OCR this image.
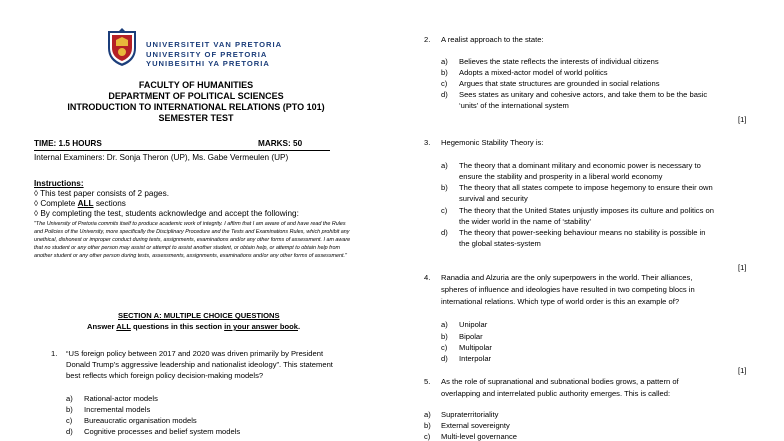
UNIVERSITEIT VAN PRETORIA
UNIVERSITY OF PRETORIA
YUNIBESITHI YA PRETORIA
FACULTY OF HUMANITIES
DEPARTMENT OF POLITICAL SCIENCES
INTRODUCTION TO INTERNATIONAL RELATIONS (PTO 101)
SEMESTER TEST
TIME: 1.5 HOURS	MARKS: 50
Internal Examiners: Dr. Sonja Theron (UP), Ms. Gabe Vermeulen (UP)
Instructions:
◊ This test paper consists of 2 pages.
◊ Complete ALL sections
◊ By completing the test, students acknowledge and accept the following:
"The University of Pretoria commits itself to produce academic work of integrity. I affirm that I am aware of and have read the Rules and Policies of the University, more specifically the Disciplinary Procedure and the Tests and Examinations Rules, which prohibit any unethical, dishonest or improper conduct during tests, assignments, examinations and/or any other forms of assessment. I am aware that no student or any other person may assist or attempt to assist another student, or obtain help, or attempt to obtain help from another student or any other person during tests, assessments, assignments, examinations and/or any other forms of assessment."
SECTION A: MULTIPLE CHOICE QUESTIONS
Answer ALL questions in this section in your answer book.
1. “US foreign policy between 2017 and 2020 was driven primarily by President
Donald Trump’s aggressive leadership and nationalist ideology”. This statement
best reflects which foreign policy decision-making models?
a) Rational-actor models
b) Incremental models
c) Bureaucratic organisation models
d) Cognitive processes and belief system models
2. A realist approach to the state:
a) Believes the state reflects the interests of individual citizens
b) Adopts a mixed-actor model of world politics
c) Argues that state structures are grounded in social relations
d) Sees states as unitary and cohesive actors, and take them to be the basic
‘units’ of the international system
[1]
3. Hegemonic Stability Theory is:
a) The theory that a dominant military and economic power is necessary to
ensure the stability and prosperity in a liberal world economy
b) The theory that all states compete to impose hegemony to ensure their own
survival and security
c) The theory that the United States unjustly imposes its culture and politics on
the wider world in the name of ‘stability’
d) The theory that power-seeking behaviour means no stability is possible in
the global states-system
[1]
4. Ranadia and Alzuria are the only superpowers in the world. Their alliances,
spheres of influence and ideologies have resulted in two competing blocs in
international relations. Which type of world order is this an example of?
a) Unipolar
b) Bipolar
c) Multipolar
d) Interpolar
[1]
5. As the role of supranational and subnational bodies grows, a pattern of
overlapping and interrelated public authority emerges. This is called:
a) Supraterritoriality
b) External sovereignty
c) Multi-level governance
